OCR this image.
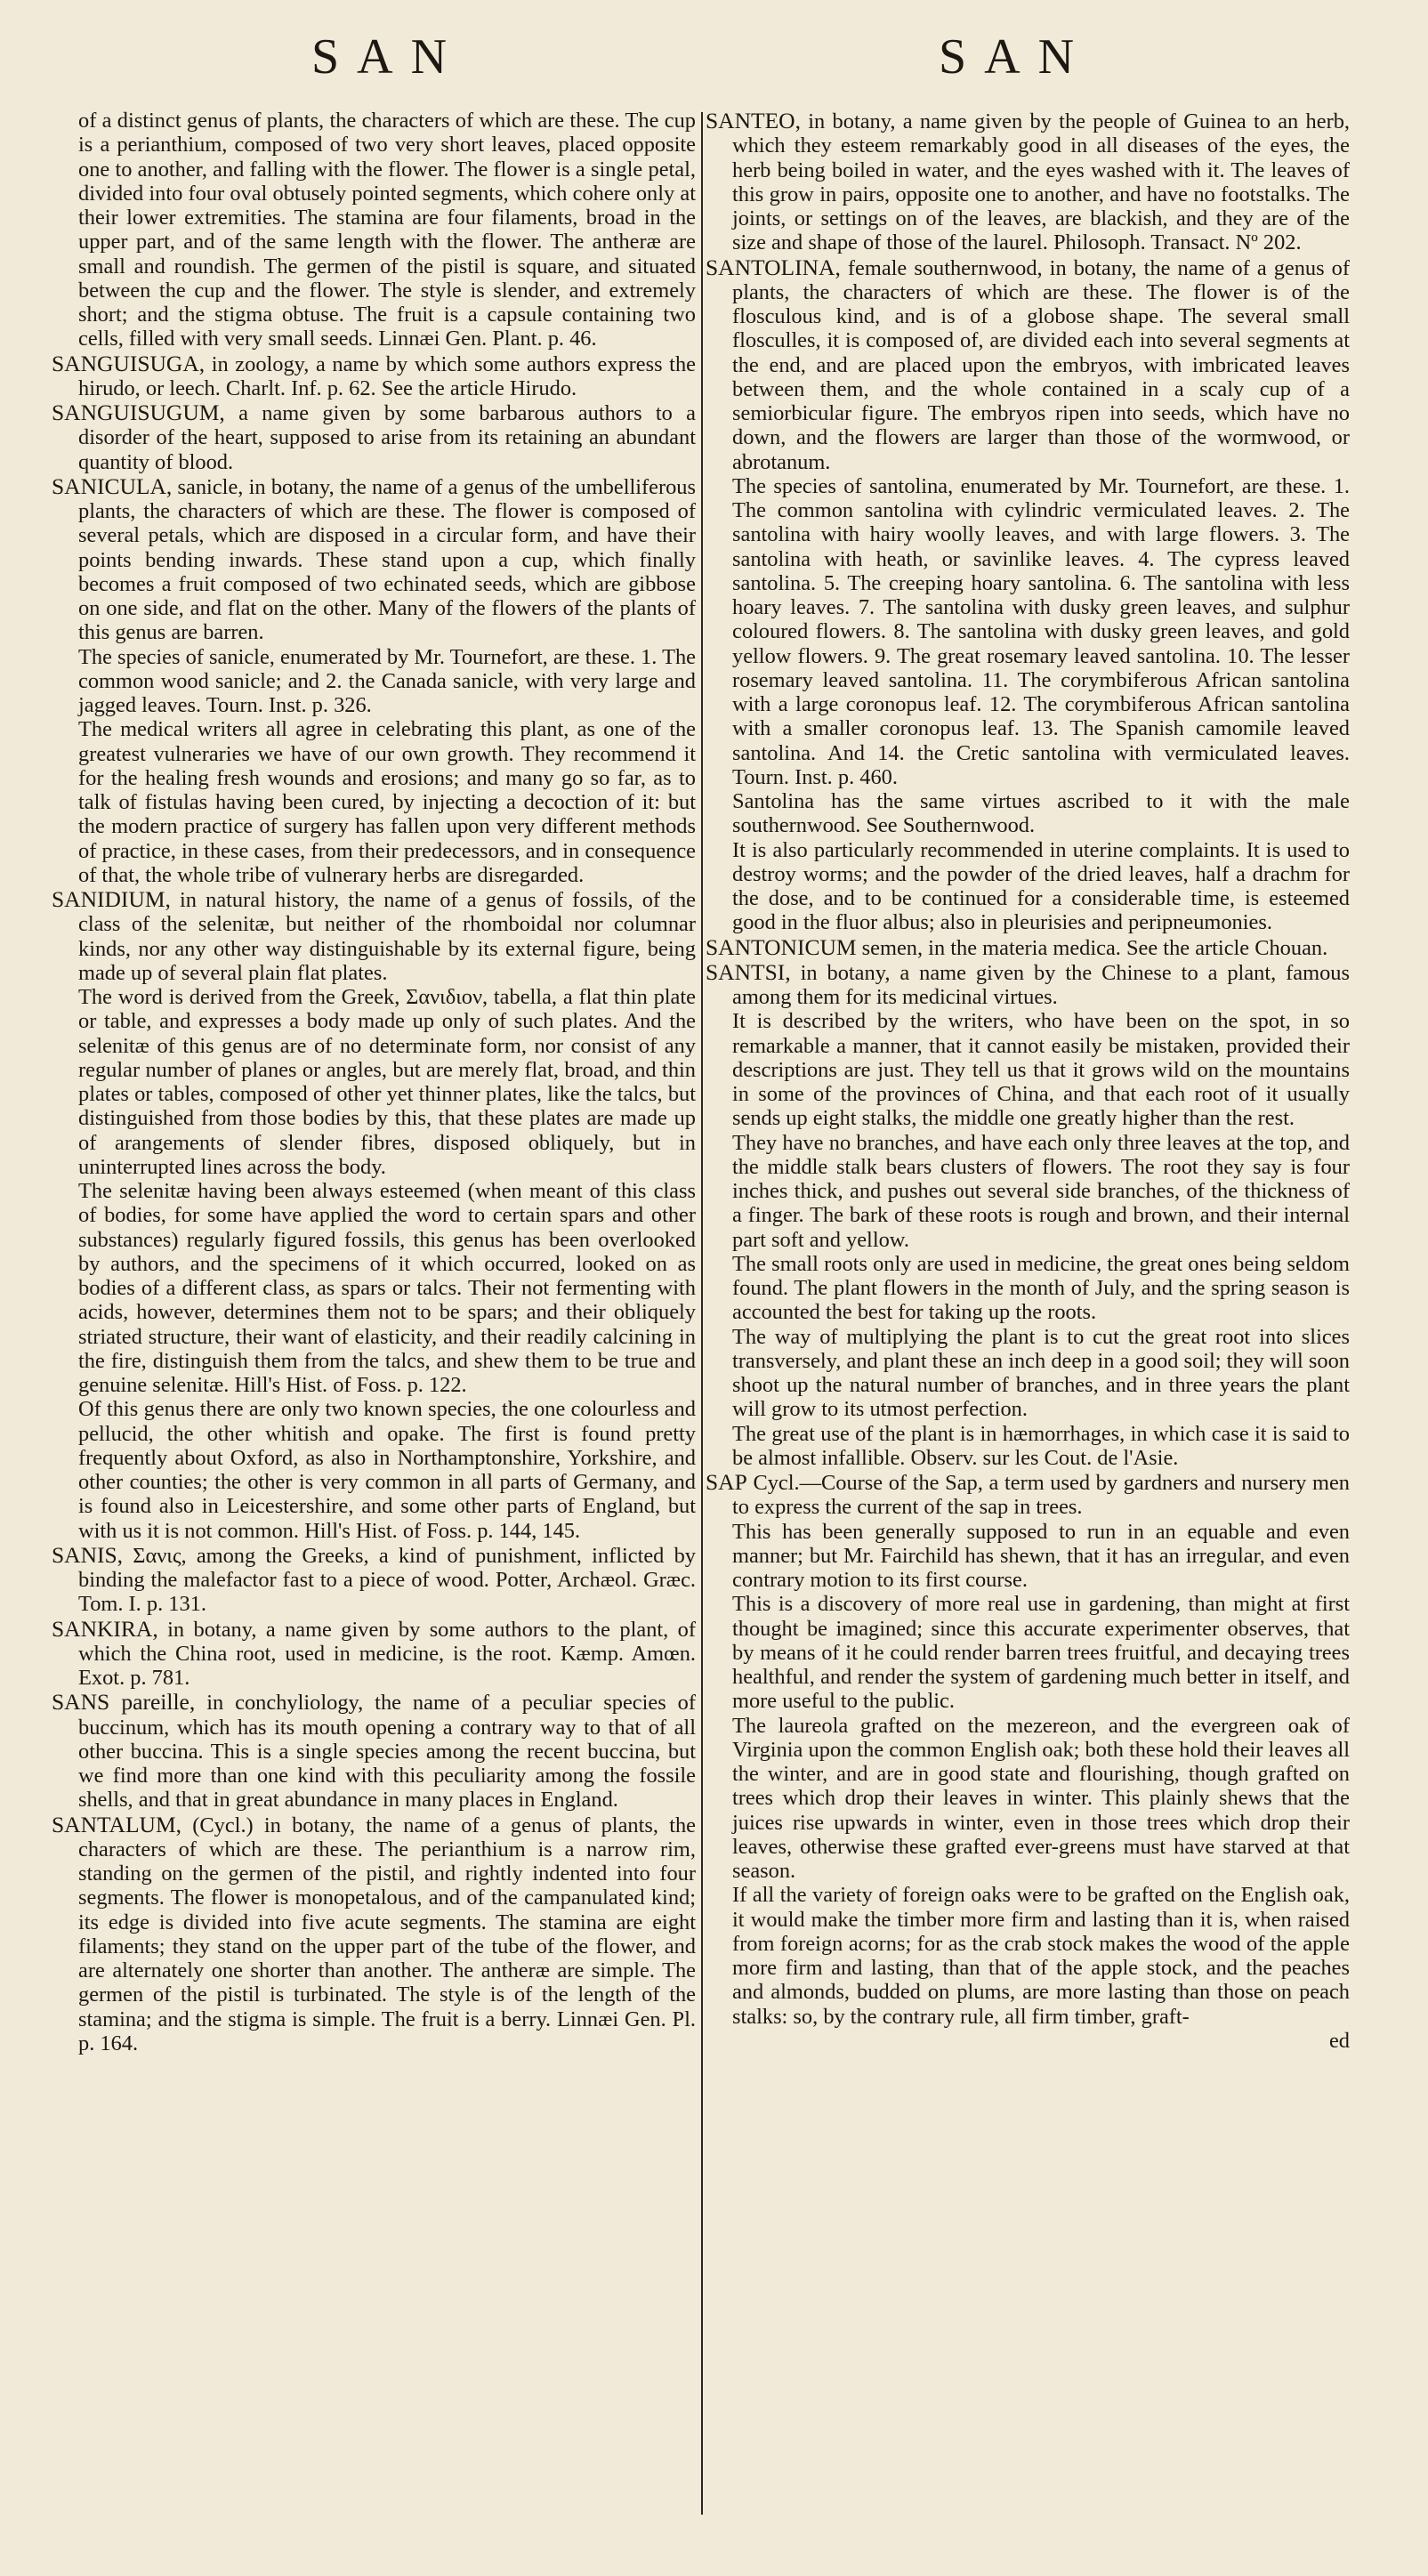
SAN	SAN

of a distinct genus of plants, the characters of which are these. The cup is a perianthium, composed of two very short leaves, placed opposite one to another, and falling with the flower. The flower is a single petal, divided into four oval obtusely pointed segments, which cohere only at their lower extremities. The stamina are four filaments, broad in the upper part, and of the same length with the flower. The antheræ are small and roundish. The germen of the pistil is square, and situated between the cup and the flower. The style is slender, and extremely short; and the stigma obtuse. The fruit is a capsule containing two cells, filled with very small seeds. Linnæi Gen. Plant. p. 46.

SANGUISUGA, in zoology, a name by which some authors express the hirudo, or leech. Charlt. Inf. p. 62. See the article Hirudo.

SANGUISUGUM, a name given by some barbarous authors to a disorder of the heart, supposed to arise from its retaining an abundant quantity of blood.

SANICULA, sanicle, in botany, the name of a genus of the umbelliferous plants, the characters of which are these. The flower is composed of several petals, which are disposed in a circular form, and have their points bending inwards. These stand upon a cup, which finally becomes a fruit composed of two echinated seeds, which are gibbose on one side, and flat on the other. Many of the flowers of the plants of this genus are barren.

The species of sanicle, enumerated by Mr. Tournefort, are these. 1. The common wood sanicle; and 2. the Canada sanicle, with very large and jagged leaves. Tourn. Inst. p. 326.

The medical writers all agree in celebrating this plant, as one of the greatest vulneraries we have of our own growth. They recommend it for the healing fresh wounds and erosions; and many go so far, as to talk of fistulas having been cured, by injecting a decoction of it: but the modern practice of surgery has fallen upon very different methods of practice, in these cases, from their predecessors, and in consequence of that, the whole tribe of vulnerary herbs are disregarded.

SANIDIUM, in natural history, the name of a genus of fossils, of the class of the selenitæ, but neither of the rhomboidal nor columnar kinds, nor any other way distinguishable by its external figure, being made up of several plain flat plates.

The word is derived from the Greek, Σανιδιον, tabella, a flat thin plate or table, and expresses a body made up only of such plates. And the selenitæ of this genus are of no determinate form, nor consist of any regular number of planes or angles, but are merely flat, broad, and thin plates or tables, composed of other yet thinner plates, like the talcs, but distinguished from those bodies by this, that these plates are made up of arangements of slender fibres, disposed obliquely, but in uninterrupted lines across the body.

The selenitæ having been always esteemed (when meant of this class of bodies, for some have applied the word to certain spars and other substances) regularly figured fossils, this genus has been overlooked by authors, and the specimens of it which occurred, looked on as bodies of a different class, as spars or talcs. Their not fermenting with acids, however, determines them not to be spars; and their obliquely striated structure, their want of elasticity, and their readily calcining in the fire, distinguish them from the talcs, and shew them to be true and genuine selenitæ. Hill's Hist. of Foss. p. 122.

Of this genus there are only two known species, the one colourless and pellucid, the other whitish and opake. The first is found pretty frequently about Oxford, as also in Northamptonshire, Yorkshire, and other counties; the other is very common in all parts of Germany, and is found also in Leicestershire, and some other parts of England, but with us it is not common. Hill's Hist. of Foss. p. 144, 145.

SANIS, Σανις, among the Greeks, a kind of punishment, inflicted by binding the malefactor fast to a piece of wood. Potter, Archæol. Græc. Tom. I. p. 131.

SANKIRA, in botany, a name given by some authors to the plant, of which the China root, used in medicine, is the root. Kæmp. Amœn. Exot. p. 781.

SANS pareille, in conchyliology, the name of a peculiar species of buccinum, which has its mouth opening a contrary way to that of all other buccina. This is a single species among the recent buccina, but we find more than one kind with this peculiarity among the fossile shells, and that in great abundance in many places in England.

SANTALUM, (Cycl.) in botany, the name of a genus of plants, the characters of which are these. The perianthium is a narrow rim, standing on the germen of the pistil, and rightly indented into four segments. The flower is monopetalous, and of the campanulated kind; its edge is divided into five acute segments. The stamina are eight filaments; they stand on the upper part of the tube of the flower, and are alternately one shorter than another. The antheræ are simple. The germen of the pistil is turbinated. The style is of the length of the stamina; and the stigma is simple. The fruit is a berry. Linnæi Gen. Pl. p. 164.

SANTEO, in botany, a name given by the people of Guinea to an herb, which they esteem remarkably good in all diseases of the eyes, the herb being boiled in water, and the eyes washed with it. The leaves of this grow in pairs, opposite one to another, and have no footstalks. The joints, or settings on of the leaves, are blackish, and they are of the size and shape of those of the laurel. Philosoph. Transact. Nº 202.

SANTOLINA, female southernwood, in botany, the name of a genus of plants, the characters of which are these. The flower is of the flosculous kind, and is of a globose shape. The several small flosculles, it is composed of, are divided each into several segments at the end, and are placed upon the embryos, with imbricated leaves between them, and the whole contained in a scaly cup of a semiorbicular figure. The embryos ripen into seeds, which have no down, and the flowers are larger than those of the wormwood, or abrotanum.

The species of santolina, enumerated by Mr. Tournefort, are these. 1. The common santolina with cylindric vermiculated leaves. 2. The santolina with hairy woolly leaves, and with large flowers. 3. The santolina with heath, or savinlike leaves. 4. The cypress leaved santolina. 5. The creeping hoary santolina. 6. The santolina with less hoary leaves. 7. The santolina with dusky green leaves, and sulphur coloured flowers. 8. The santolina with dusky green leaves, and gold yellow flowers. 9. The great rosemary leaved santolina. 10. The lesser rosemary leaved santolina. 11. The corymbiferous African santolina with a large coronopus leaf. 12. The corymbiferous African santolina with a smaller coronopus leaf. 13. The Spanish camomile leaved santolina. And 14. the Cretic santolina with vermiculated leaves. Tourn. Inst. p. 460.

Santolina has the same virtues ascribed to it with the male southernwood. See Southernwood.

It is also particularly recommended in uterine complaints. It is used to destroy worms; and the powder of the dried leaves, half a drachm for the dose, and to be continued for a considerable time, is esteemed good in the fluor albus; also in pleurisies and peripneumonies.

SANTONICUM semen, in the materia medica. See the article Chouan.

SANTSI, in botany, a name given by the Chinese to a plant, famous among them for its medicinal virtues.

It is described by the writers, who have been on the spot, in so remarkable a manner, that it cannot easily be mistaken, provided their descriptions are just. They tell us that it grows wild on the mountains in some of the provinces of China, and that each root of it usually sends up eight stalks, the middle one greatly higher than the rest.

They have no branches, and have each only three leaves at the top, and the middle stalk bears clusters of flowers. The root they say is four inches thick, and pushes out several side branches, of the thickness of a finger. The bark of these roots is rough and brown, and their internal part soft and yellow.

The small roots only are used in medicine, the great ones being seldom found. The plant flowers in the month of July, and the spring season is accounted the best for taking up the roots.

The way of multiplying the plant is to cut the great root into slices transversely, and plant these an inch deep in a good soil; they will soon shoot up the natural number of branches, and in three years the plant will grow to its utmost perfection.

The great use of the plant is in hæmorrhages, in which case it is said to be almost infallible. Observ. sur les Cout. de l'Asie.

SAP Cycl.—Course of the Sap, a term used by gardners and nursery men to express the current of the sap in trees.

This has been generally supposed to run in an equable and even manner; but Mr. Fairchild has shewn, that it has an irregular, and even contrary motion to its first course.

This is a discovery of more real use in gardening, than might at first thought be imagined; since this accurate experimenter observes, that by means of it he could render barren trees fruitful, and decaying trees healthful, and render the system of gardening much better in itself, and more useful to the public.

The laureola grafted on the mezereon, and the evergreen oak of Virginia upon the common English oak; both these hold their leaves all the winter, and are in good state and flourishing, though grafted on trees which drop their leaves in winter. This plainly shews that the juices rise upwards in winter, even in those trees which drop their leaves, otherwise these grafted ever-greens must have starved at that season.

If all the variety of foreign oaks were to be grafted on the English oak, it would make the timber more firm and lasting than it is, when raised from foreign acorns; for as the crab stock makes the wood of the apple more firm and lasting, than that of the apple stock, and the peaches and almonds, budded on plums, are more lasting than those on peach stalks: so, by the contrary rule, all firm timber, graft-

ed
